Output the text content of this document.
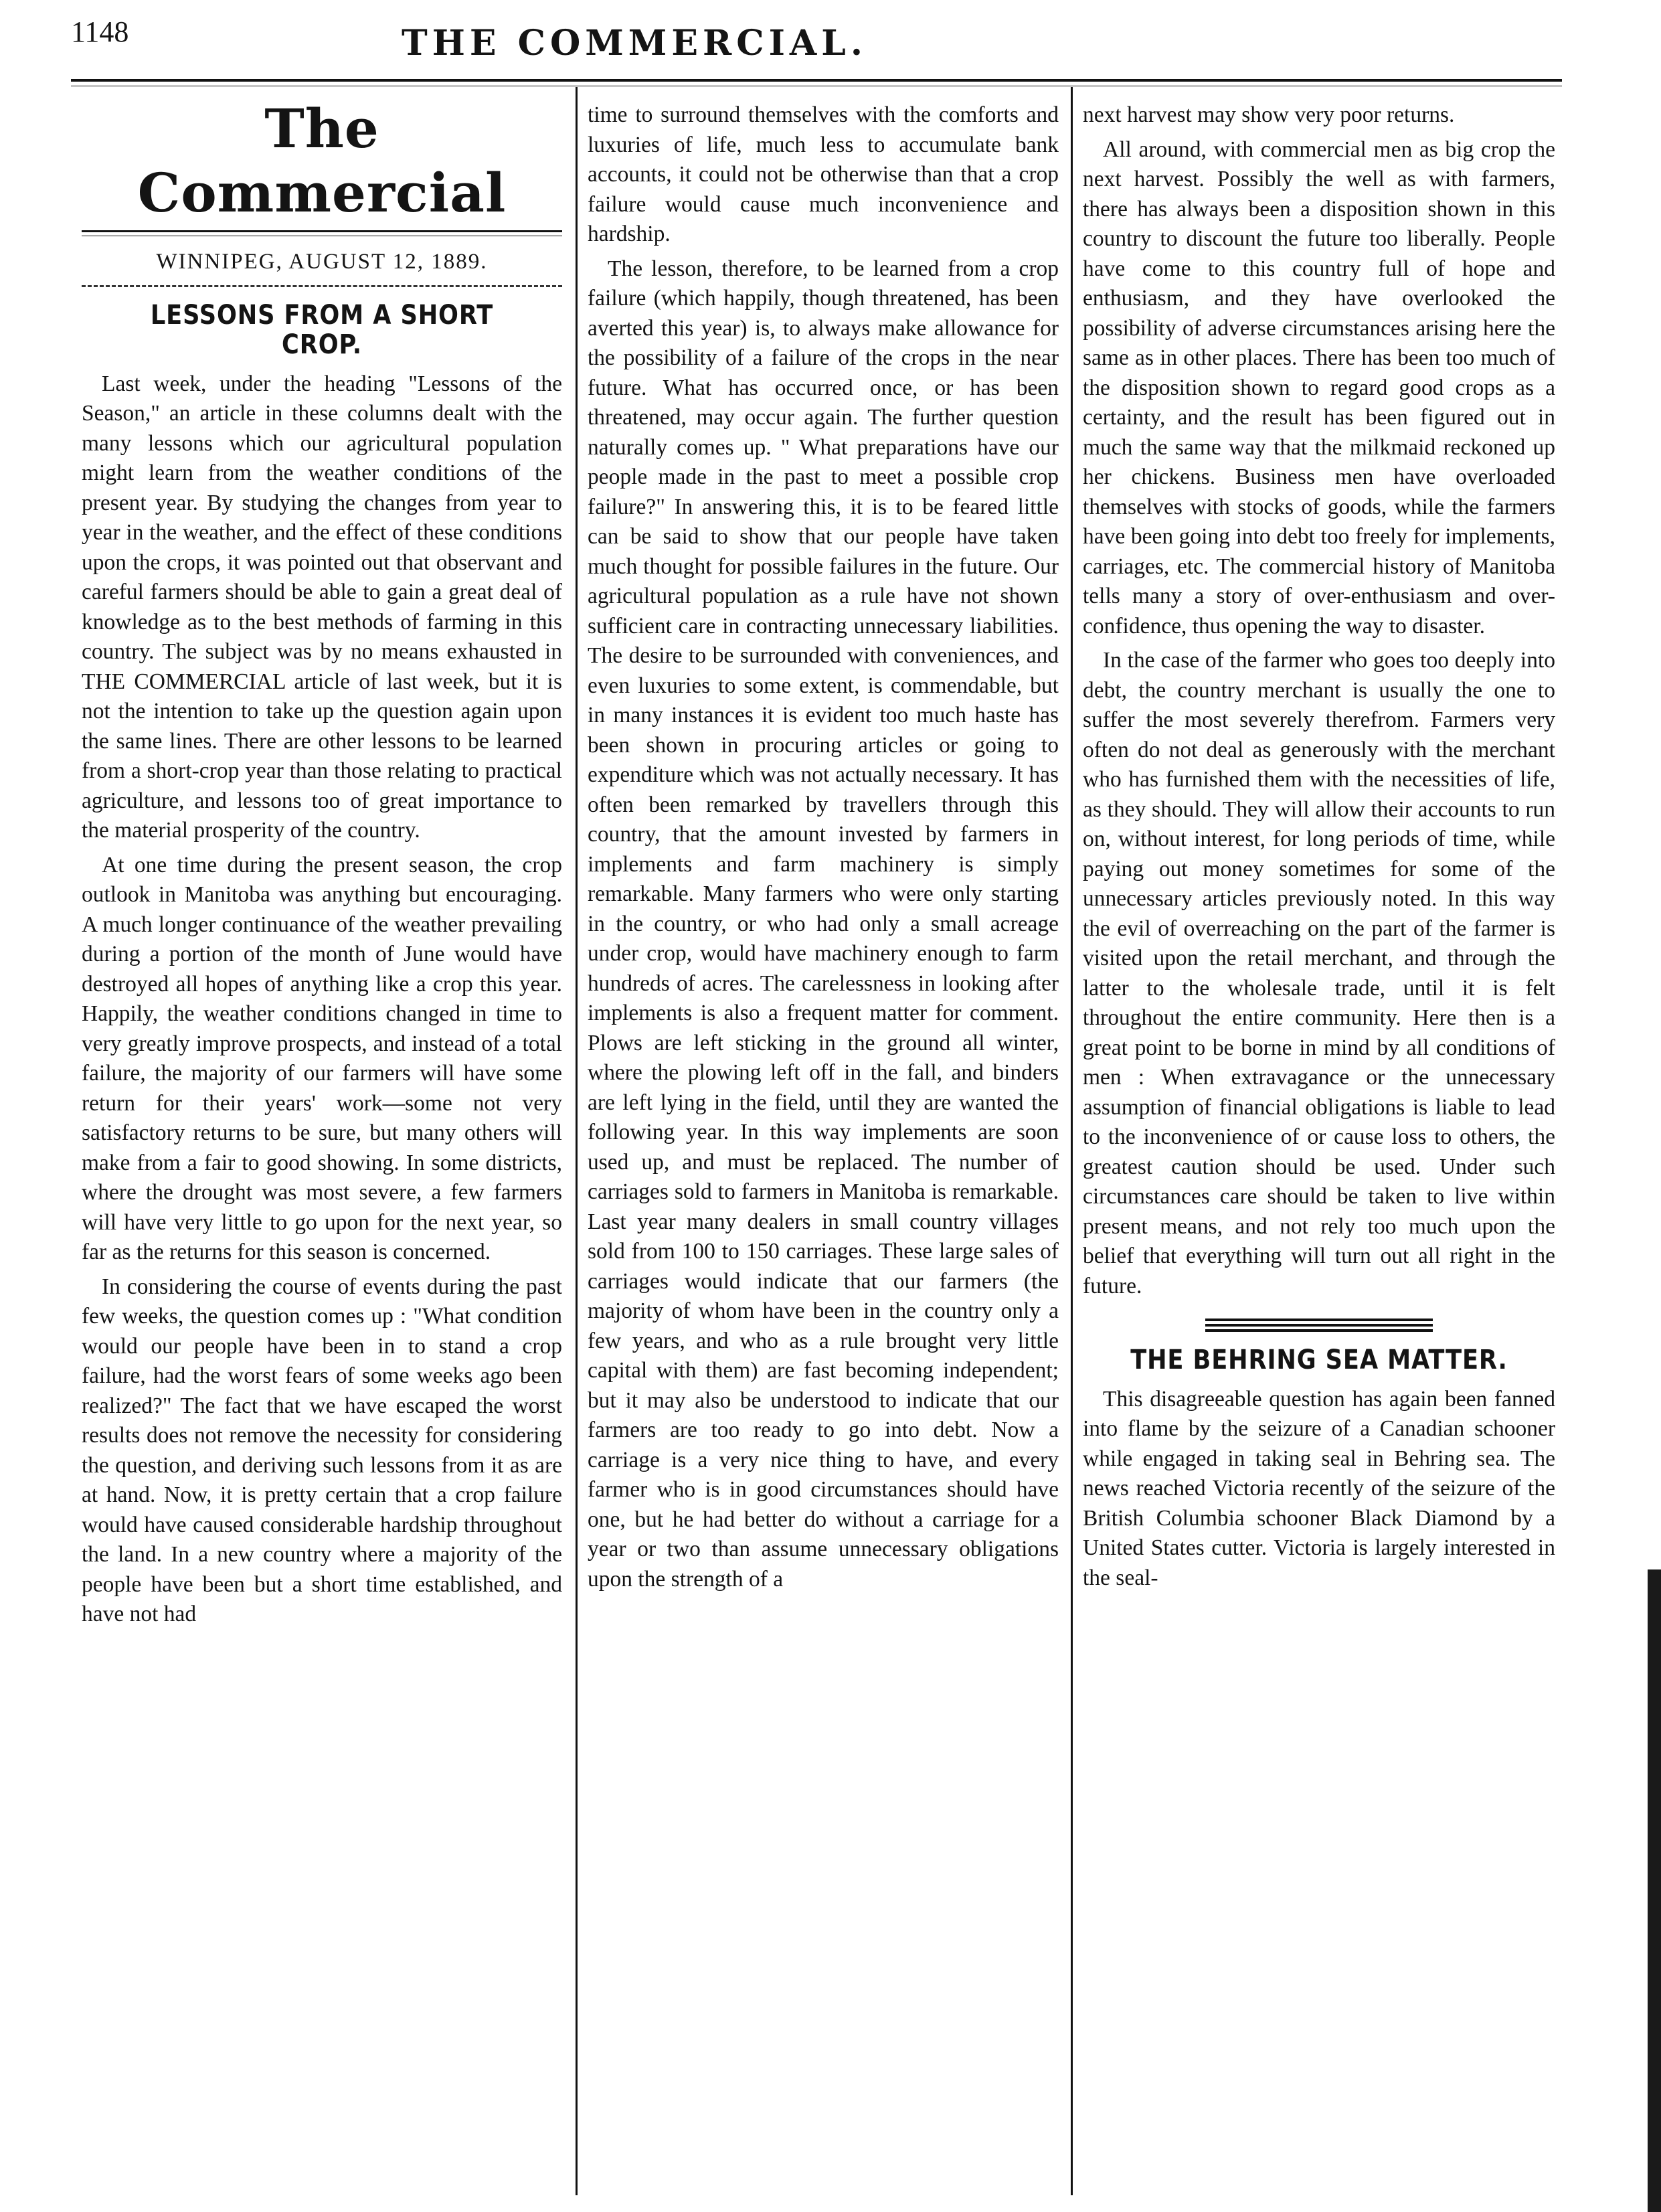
1148	THE COMMERCIAL.
The Commercial
WINNIPEG, AUGUST 12, 1889.
LESSONS FROM A SHORT CROP.

Last week, under the heading "Lessons of the Season," an article in these columns dealt with the many lessons which our agricultural population might learn from the weather conditions of the present year. By studying the changes from year to year in the weather, and the effect of these conditions upon the crops, it was pointed out that observant and careful farmers should be able to gain a great deal of knowledge as to the best methods of farming in this country. The subject was by no means exhausted in THE COMMERCIAL article of last week, but it is not the intention to take up the question again upon the same lines. There are other lessons to be learned from a short-crop year than those relating to practical agriculture, and lessons too of great importance to the material prosperity of the country.

At one time during the present season, the crop outlook in Manitoba was anything but encouraging. A much longer continuance of the weather prevailing during a portion of the month of June would have destroyed all hopes of anything like a crop this year. Happily, the weather conditions changed in time to very greatly improve prospects, and instead of a total failure, the majority of our farmers will have some return for their years' work—some not very satisfactory returns to be sure, but many others will make from a fair to good showing. In some districts, where the drought was most severe, a few farmers will have very little to go upon for the next year, so far as the returns for this season is concerned.

In considering the course of events during the past few weeks, the question comes up : "What condition would our people have been in to stand a crop failure, had the worst fears of some weeks ago been realized?" The fact that we have escaped the worst results does not remove the necessity for considering the question, and deriving such lessons from it as are at hand. Now, it is pretty certain that a crop failure would have caused considerable hardship throughout the land. In a new country where a majority of the people have been but a short time established, and have not had

time to surround themselves with the comforts and luxuries of life, much less to accumulate bank accounts, it could not be otherwise than that a crop failure would cause much inconvenience and hardship.

The lesson, therefore, to be learned from a crop failure (which happily, though threatened, has been averted this year) is, to always make allowance for the possibility of a failure of the crops in the near future. What has occurred once, or has been threatened, may occur again. The further question naturally comes up. " What preparations have our people made in the past to meet a possible crop failure?" In answering this, it is to be feared little can be said to show that our people have taken much thought for possible failures in the future. Our agricultural population as a rule have not shown sufficient care in contracting unnecessary liabilities. The desire to be surrounded with conveniences, and even luxuries to some extent, is commendable, but in many instances it is evident too much haste has been shown in procuring articles or going to expenditure which was not actually necessary. It has often been remarked by travellers through this country, that the amount invested by farmers in implements and farm machinery is simply remarkable. Many farmers who were only starting in the country, or who had only a small acreage under crop, would have machinery enough to farm hundreds of acres. The carelessness in looking after implements is also a frequent matter for comment. Plows are left sticking in the ground all winter, where the plowing left off in the fall, and binders are left lying in the field, until they are wanted the following year. In this way implements are soon used up, and must be replaced. The number of carriages sold to farmers in Manitoba is remarkable. Last year many dealers in small country villages sold from 100 to 150 carriages. These large sales of carriages would indicate that our farmers (the majority of whom have been in the country only a few years, and who as a rule brought very little capital with them) are fast becoming independent; but it may also be understood to indicate that our farmers are too ready to go into debt. Now a carriage is a very nice thing to have, and every farmer who is in good circumstances should have one, but he had better do without a carriage for a year or two than assume unnecessary obligations upon the strength of a

next harvest may show very poor returns.

All around, with commercial men as big crop the next harvest. Possibly the well as with farmers, there has always been a disposition shown in this country to discount the future too liberally. People have come to this country full of hope and enthusiasm, and they have overlooked the possibility of adverse circumstances arising here the same as in other places. There has been too much of the disposition shown to regard good crops as a certainty, and the result has been figured out in much the same way that the milkmaid reckoned up her chickens. Business men have overloaded themselves with stocks of goods, while the farmers have been going into debt too freely for implements, carriages, etc. The commercial history of Manitoba tells many a story of over-enthusiasm and over-confidence, thus opening the way to disaster.

In the case of the farmer who goes too deeply into debt, the country merchant is usually the one to suffer the most severely therefrom. Farmers very often do not deal as generously with the merchant who has furnished them with the necessities of life, as they should. They will allow their accounts to run on, without interest, for long periods of time, while paying out money sometimes for some of the unnecessary articles previously noted. In this way the evil of overreaching on the part of the farmer is visited upon the retail merchant, and through the latter to the wholesale trade, until it is felt throughout the entire community. Here then is a great point to be borne in mind by all conditions of men : When extravagance or the unnecessary assumption of financial obligations is liable to lead to the inconvenience of or cause loss to others, the greatest caution should be used. Under such circumstances care should be taken to live within present means, and not rely too much upon the belief that everything will turn out all right in the future.

THE BEHRING SEA MATTER.

This disagreeable question has again been fanned into flame by the seizure of a Canadian schooner while engaged in taking seal in Behring sea. The news reached Victoria recently of the seizure of the British Columbia schooner Black Diamond by a United States cutter. Victoria is largely interested in the seal-
